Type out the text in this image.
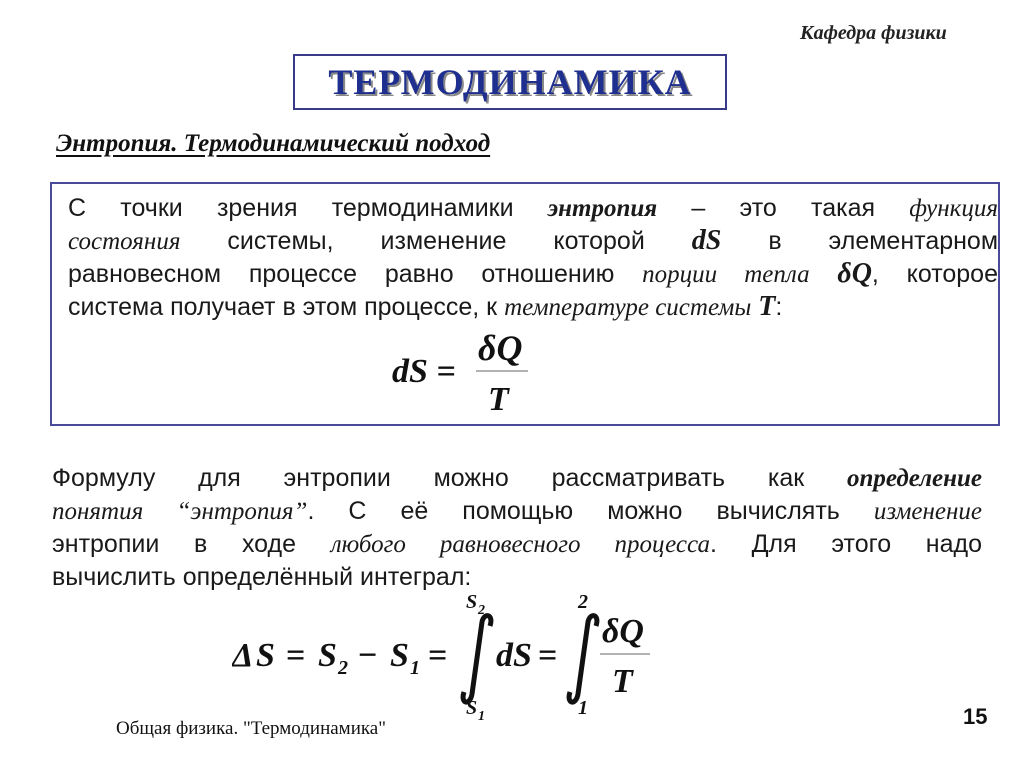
Кафедра физики
ТЕРМОДИНАМИКА
Энтропия. Термодинамический подход
С точки зрения термодинамики энтропия – это такая функция
состояния системы, изменение которой dS в элементарном
равновесном процессе равно отношению порции тепла δQ, которое
система получает в этом процессе, к температуре системы T:
dS =
δQ
T
Формулу для энтропии можно рассматривать как определение
понятия “энтропия”. С её помощью можно вычислять изменение
энтропии в ходе любого равновесного процесса. Для этого надо
вычислить определённый интеграл:
Δ S = S 2 − S 1 =
S 2
S 1
dS =
2
1
δQ
T
Общая физика. "Термодинамика"	15
